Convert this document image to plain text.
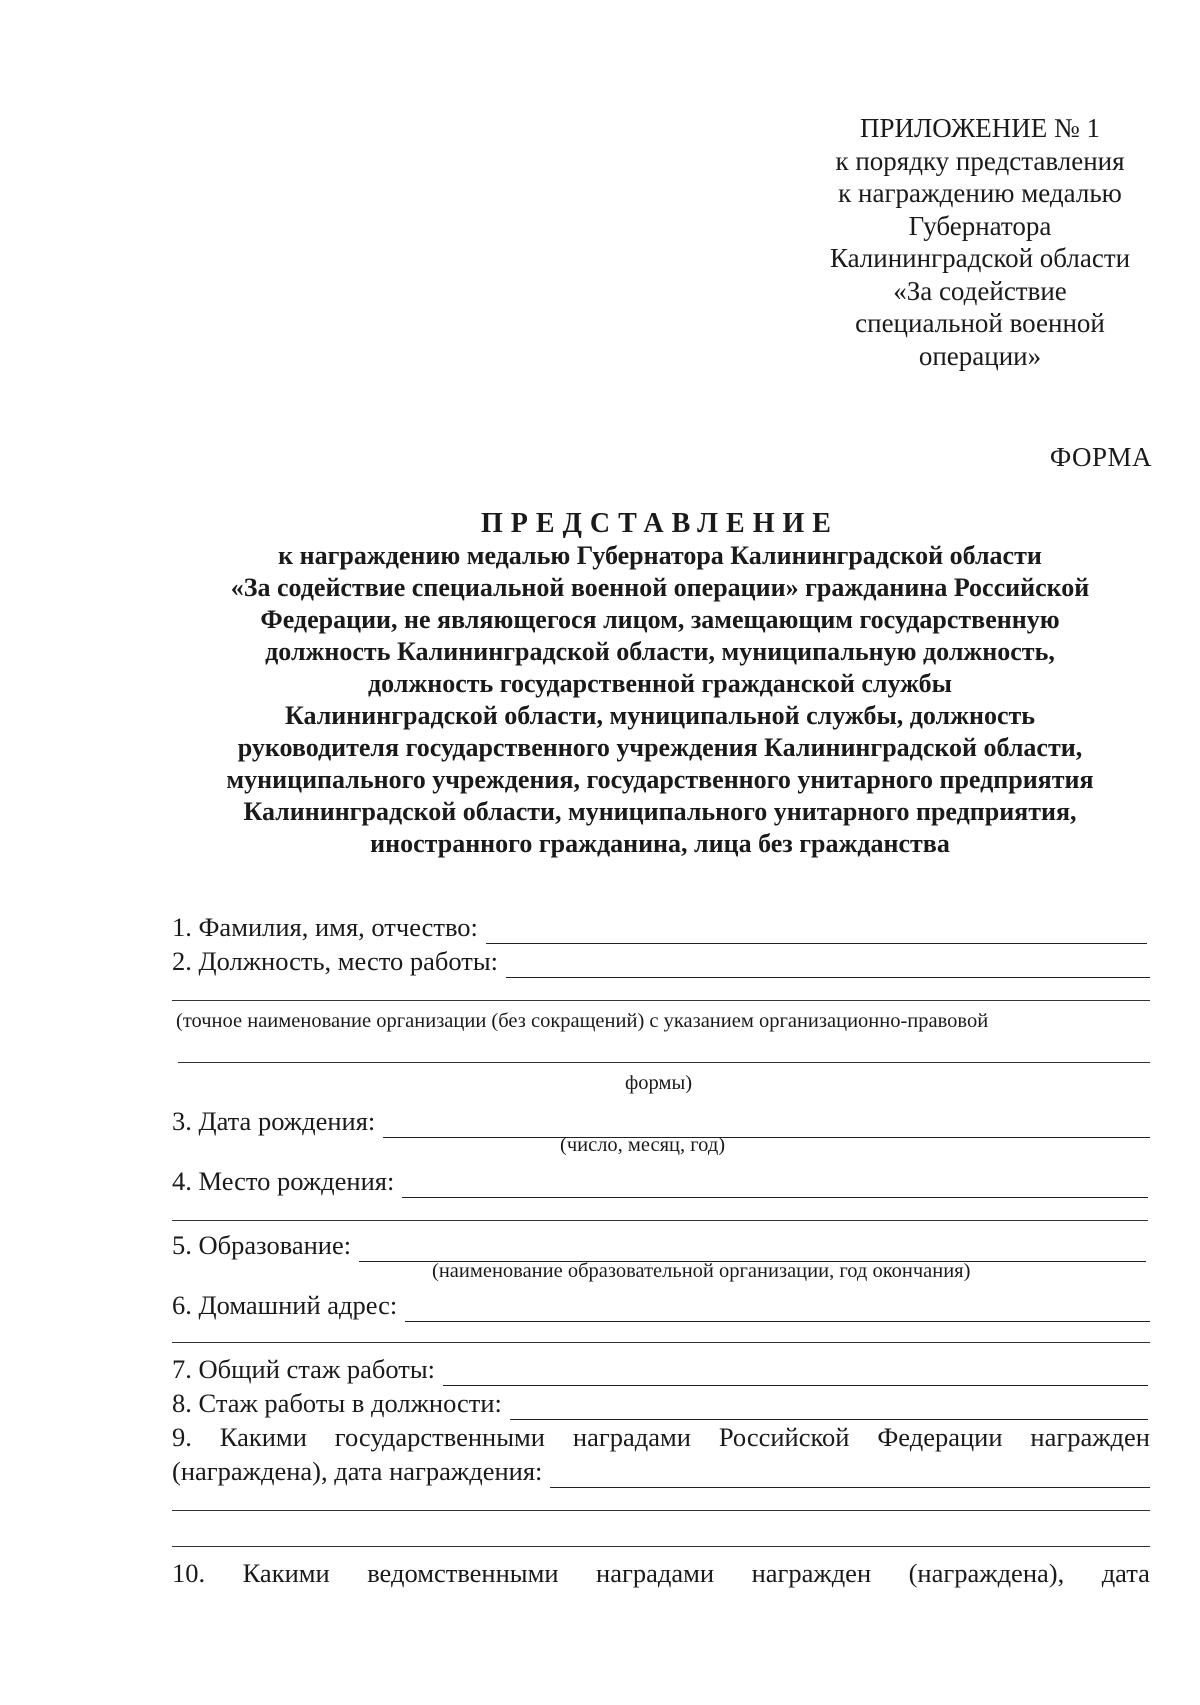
ПРИЛОЖЕНИЕ № 1
к порядку представления
к награждению медалью
Губернатора
Калининградской области
«За содействие
специальной военной
операции»
ФОРМА
ПРЕДСТАВЛЕНИЕ
к награждению медалью Губернатора Калининградской области
«За содействие специальной военной операции» гражданина Российской
Федерации, не являющегося лицом, замещающим государственную
должность Калининградской области, муниципальную должность,
должность государственной гражданской службы
Калининградской области, муниципальной службы, должность
руководителя государственного учреждения Калининградской области,
муниципального учреждения, государственного унитарного предприятия
Калининградской области, муниципального унитарного предприятия,
иностранного гражданина, лица без гражданства
1. Фамилия, имя, отчество:
2. Должность, место работы:
(точное наименование организации (без сокращений) с указанием организационно-правовой
формы)
3. Дата рождения:
(число, месяц, год)
4. Место рождения:
5. Образование:
(наименование образовательной организации, год окончания)
6. Домашний адрес:
7. Общий стаж работы:
8. Стаж работы в должности:
9. Какими государственными наградами Российской Федерации награжден
(награждена), дата награждения:
10. Какими ведомственными наградами награжден (награждена), дата
